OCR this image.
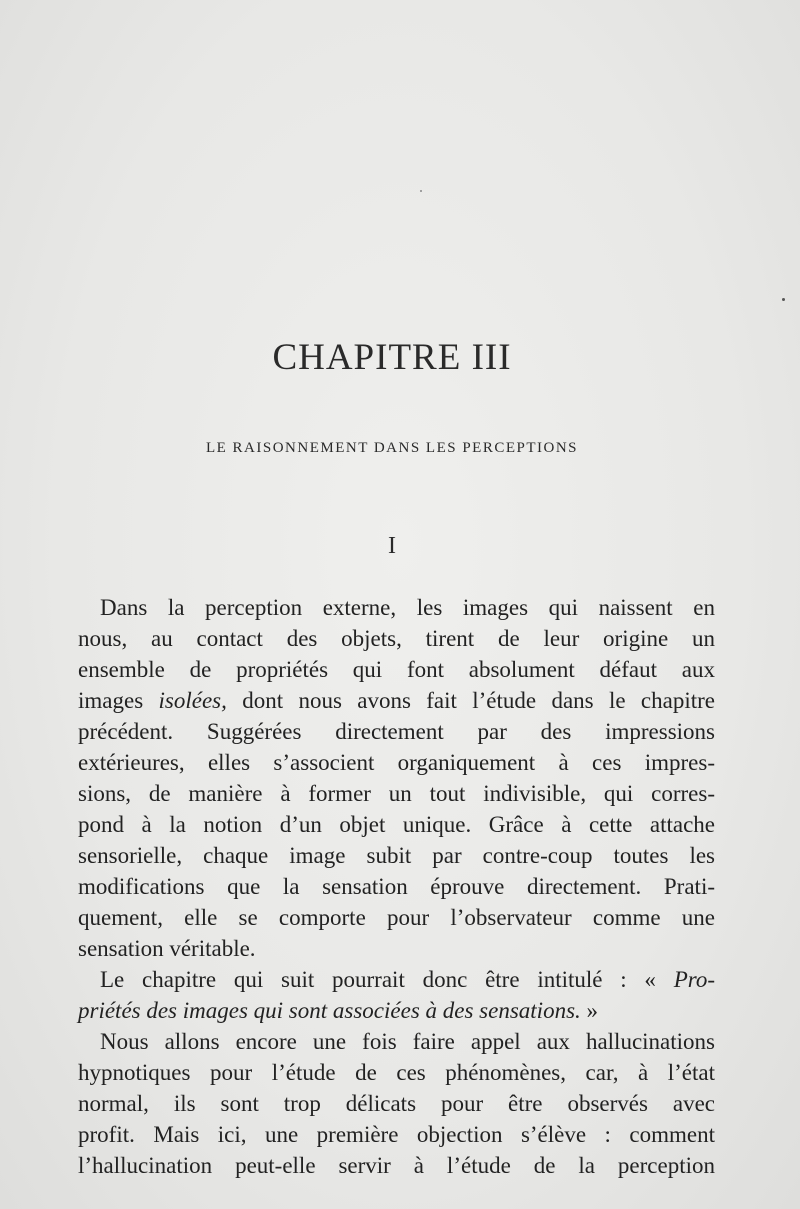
CHAPITRE III
LE RAISONNEMENT DANS LES PERCEPTIONS
I
Dans la perception externe, les images qui naissent en
nous, au contact des objets, tirent de leur origine un
ensemble de propriétés qui font absolument défaut aux
images isolées, dont nous avons fait l’étude dans le chapitre
précédent. Suggérées directement par des impressions
extérieures, elles s’associent organiquement à ces impres-
sions, de manière à former un tout indivisible, qui corres-
pond à la notion d’un objet unique. Grâce à cette attache
sensorielle, chaque image subit par contre-coup toutes les
modifications que la sensation éprouve directement. Prati-
quement, elle se comporte pour l’observateur comme une
sensation véritable.
Le chapitre qui suit pourrait donc être intitulé : « Pro-
priétés des images qui sont associées à des sensations. »
Nous allons encore une fois faire appel aux hallucinations
hypnotiques pour l’étude de ces phénomènes, car, à l’état
normal, ils sont trop délicats pour être observés avec
profit. Mais ici, une première objection s’élève : comment
l’hallucination peut-elle servir à l’étude de la perception
